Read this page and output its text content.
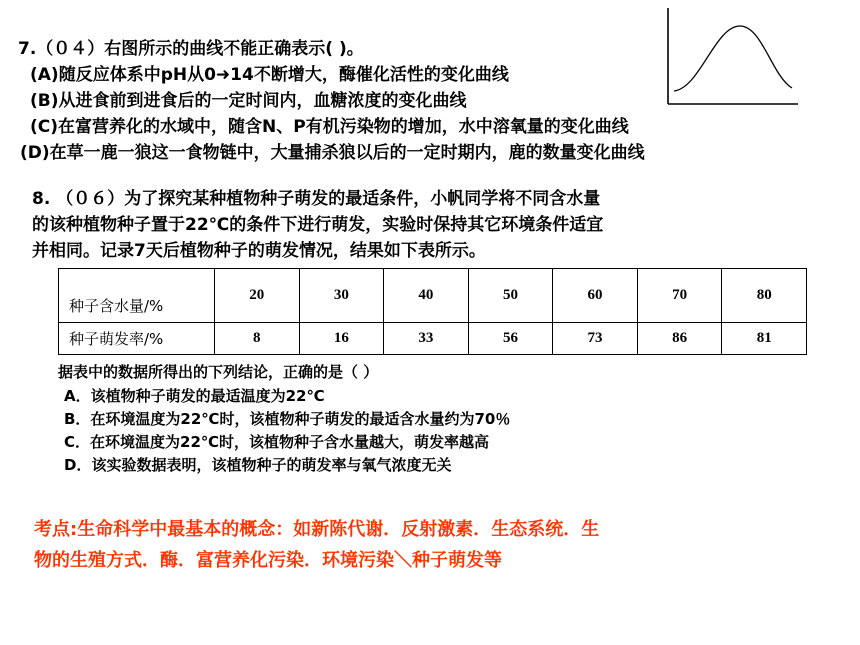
7.（０４）右图所示的曲线不能正确表示( )。
(A)随反应体系中pH从0➜14不断增大，酶催化活性的变化曲线
(B)从进食前到进食后的一定时间内，血糖浓度的变化曲线
(C)在富营养化的水域中，随含N、P有机污染物的增加，水中溶氧量的变化曲线
(D)在草一鹿一狼这一食物链中，大量捕杀狼以后的一定时期内，鹿的数量变化曲线
8. （０６）为了探究某种植物种子萌发的最适条件，小帆同学将不同含水量
的该种植物种子置于22℃的条件下进行萌发，实验时保持其它环境条件适宜
并相同。记录7天后植物种子的萌发情况，结果如下表所示。
种子含水量/%	20	30	40	50	60	70	80
种子萌发率/%	8	16	33	56	73	86	81
据表中的数据所得出的下列结论，正确的是（ ）
A．该植物种子萌发的最适温度为22℃
B．在环境温度为22℃时，该植物种子萌发的最适含水量约为70％
C．在环境温度为22℃时，该植物种子含水量越大，萌发率越高
D．该实验数据表明，该植物种子的萌发率与氧气浓度无关
考点:生命科学中最基本的概念：如新陈代谢．反射激素．生态系统．生
物的生殖方式．酶．富营养化污染．环境污染＼种子萌发等
